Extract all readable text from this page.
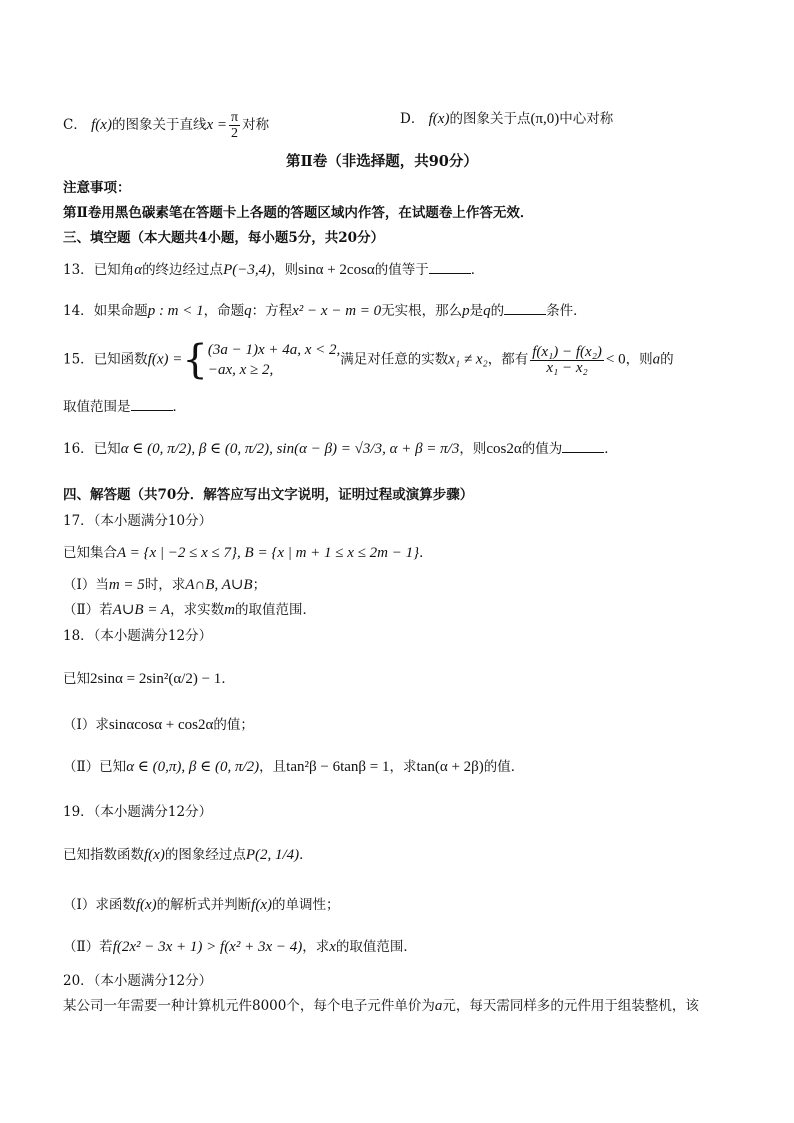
C． f(x)的图象关于直线$x = \frac{\pi}{2}$ 对称	D． f(x)的图象关于点(π,0)中心对称
第Ⅱ卷（非选择题，共90分）
注意事项：
第Ⅱ卷用黑色碳素笔在答题卡上各题的答题区域内作答，在试题卷上作答无效．
三、填空题（本大题共4小题，每小题5分，共20分）
13．已知角α的终边经过点P(−3,4)，则sinα + 2cosα的值等于	．
14．如果命题p : m < 1，命题q：方程x² − x − m = 0无实根，那么p是q的	条件．
15．已知函数f(x) ={ (3a − 1)x + 4a, x < 2,
−ax, x ≥ 2,
满足对任意的实数x₁ ≠ x₂，都有 $\frac{\text{f(x₁) − f(x₂)}}{\text{x₁ − x₂}} < 0$，则a的
取值范围是	．
16．已知α ∈ (0, π/2), β ∈ (0, π/2), sin(α − β) = √3/3, α + β = π/3，则cos2α的值为	．
四、解答题（共70分．解答应写出文字说明，证明过程或演算步骤）
17．（本小题满分10分）
已知集合A = {x | −2 ≤ x ≤ 7}, B = {x | m + 1 ≤ x ≤ 2m − 1}．
（Ⅰ）当m = 5时，求A∩B, A∪B；
（Ⅱ）若A∪B = A，求实数m的取值范围．
18．（本小题满分12分）
已知2sinα = 2sin²(α/2) − 1．
（Ⅰ）求sinαcosα + cos2α的值；
（Ⅱ）已知α ∈ (0,π), β ∈ (0, π/2)，且tan²β − 6tanβ = 1，求tan(α + 2β)的值．
19．（本小题满分12分）
已知指数函数f(x)的图象经过点P(2, 1/4)．
（Ⅰ）求函数f(x)的解析式并判断f(x)的单调性；
（Ⅱ）若f(2x² − 3x + 1) > f(x² + 3x − 4)，求x的取值范围．
20．（本小题满分12分）
某公司一年需要一种计算机元件8000个，每个电子元件单价为a元，每天需同样多的元件用于组装整机，该
